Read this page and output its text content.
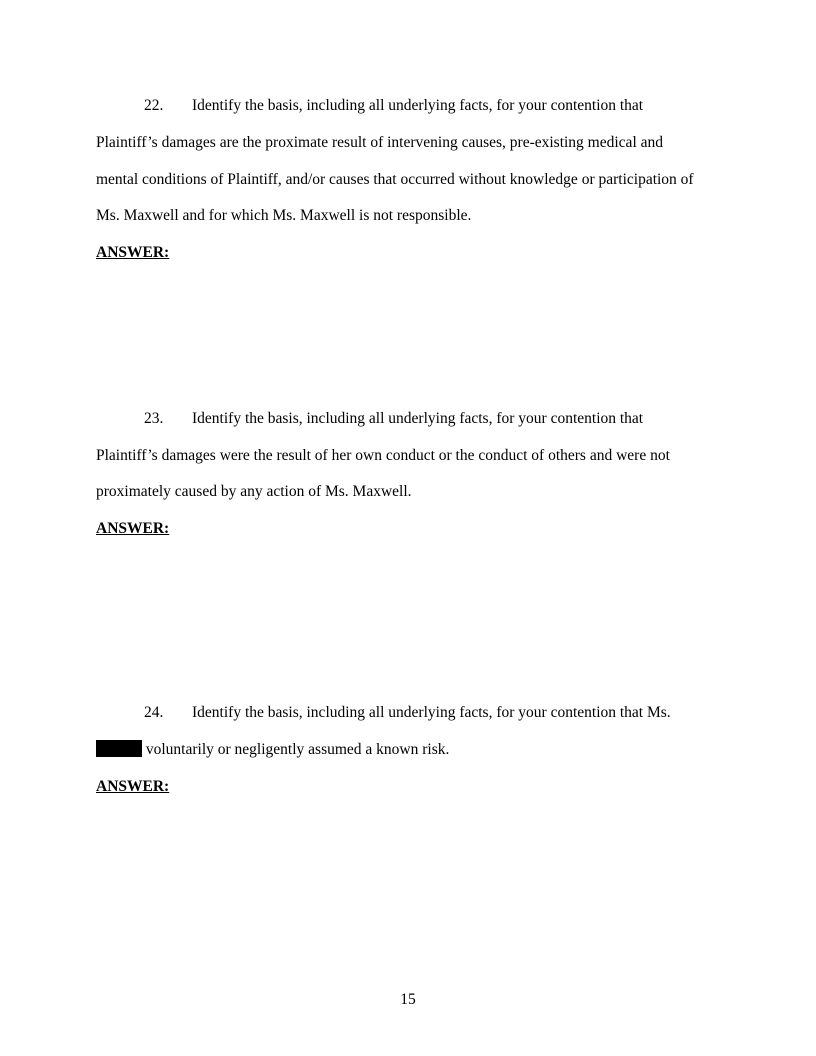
22. Identify the basis, including all underlying facts, for your contention that
Plaintiff’s damages are the proximate result of intervening causes, pre-existing medical and
mental conditions of Plaintiff, and/or causes that occurred without knowledge or participation of
Ms. Maxwell and for which Ms. Maxwell is not responsible.
ANSWER:
23. Identify the basis, including all underlying facts, for your contention that
Plaintiff’s damages were the result of her own conduct or the conduct of others and were not
proximately caused by any action of Ms. Maxwell.
ANSWER:
24. Identify the basis, including all underlying facts, for your contention that Ms.
voluntarily or negligently assumed a known risk.
ANSWER:
15
